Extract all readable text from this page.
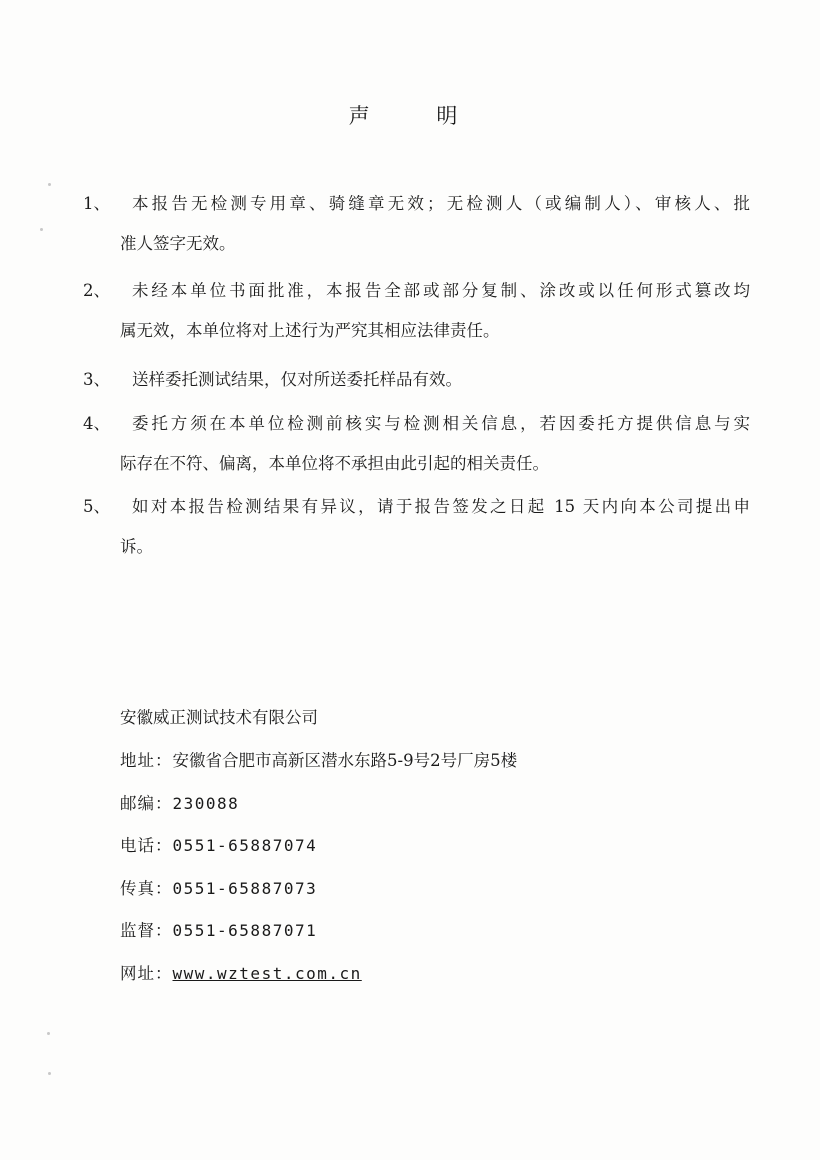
声 明
1、 本报告无检测专用章、骑缝章无效；无检测人（或编制人）、审核人、批
准人签字无效。
2、 未经本单位书面批准，本报告全部或部分复制、涂改或以任何形式篡改均
属无效，本单位将对上述行为严究其相应法律责任。
3、 送样委托测试结果，仅对所送委托样品有效。
4、 委托方须在本单位检测前核实与检测相关信息，若因委托方提供信息与实
际存在不符、偏离，本单位将不承担由此引起的相关责任。
5、 如对本报告检测结果有异议，请于报告签发之日起 15 天内向本公司提出申
诉。
安徽威正测试技术有限公司
地址：安徽省合肥市高新区潜水东路5-9号2号厂房5楼
邮编：230088
电话：0551-65887074
传真：0551-65887073
监督：0551-65887071
网址：www.wztest.com.cn
